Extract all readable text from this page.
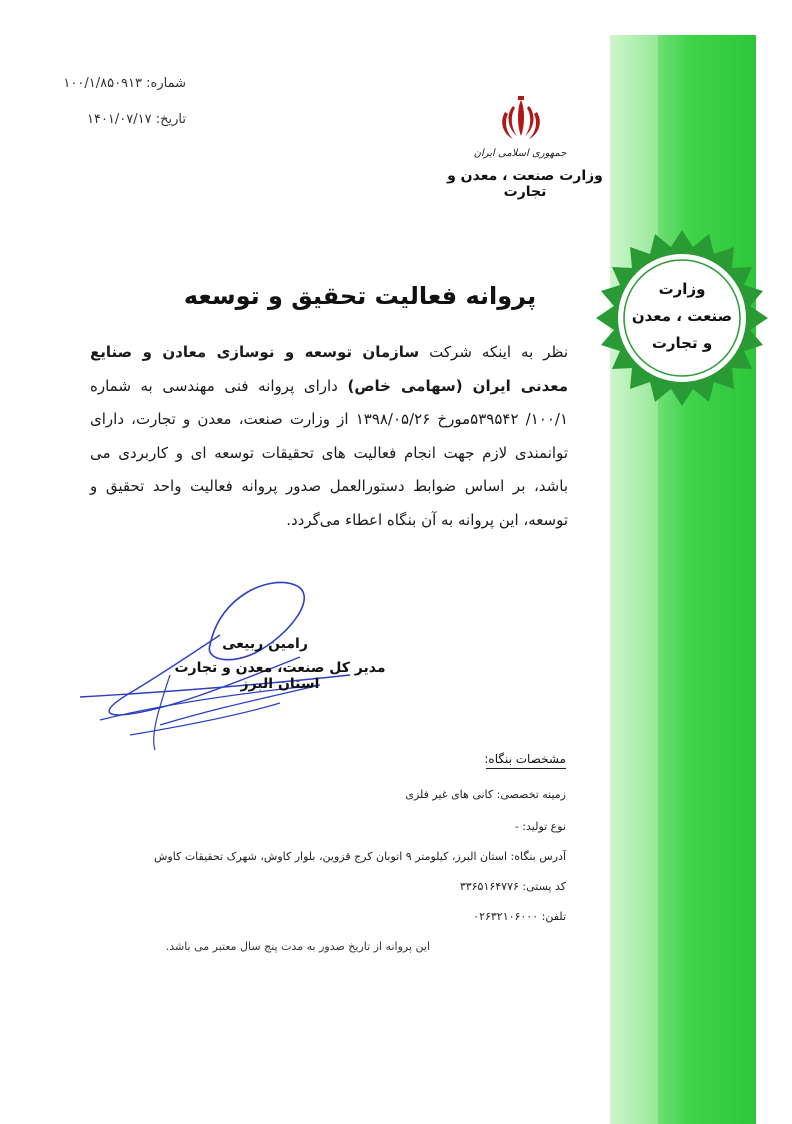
وزارت
صنعت ، معدن
و تجارت
شماره: ۱۰۰/۱/۸۵۰۹۱۳
تاریخ: ۱۴۰۱/۰۷/۱۷
جمهوری اسلامی ایران
وزارت صنعت ، معدن و تجارت
پروانه فعالیت تحقیق و توسعه
نظر به اینکه شرکت سازمان توسعه و نوسازی معادن و صنایع معدنی ایران (سهامی خاص) دارای پروانه فنی مهندسی به شماره ۱۰۰/۱/ ۵۳۹۵۴۲مورخ ۱۳۹۸/۰۵/۲۶ از وزارت صنعت، معدن و تجارت، دارای توانمندی لازم جهت انجام فعالیت های تحقیقات توسعه ای و کاربردی می باشد، بر اساس ضوابط دستورالعمل صدور پروانه فعالیت واحد تحقیق و توسعه، این پروانه به آن بنگاه اعطاء می‌گردد.
رامین ربیعی
مدیر کل صنعت، معدن و تجارت استان البرز
مشخصات بنگاه:
زمینه تخصصی: کانی های غیر فلزی
نوع تولید: -
آدرس بنگاه: استان البرز، کیلومتر ۹ اتوبان کرج قزوین، بلوار کاوش، شهرک تحقیقات کاوش
کد پستی: ۳۳۶۵۱۶۴۷۷۶
تلفن: ۰۲۶۳۲۱۰۶۰۰۰
این پروانه از تاریخ صدور به مدت پنج سال معتبر می باشد.
